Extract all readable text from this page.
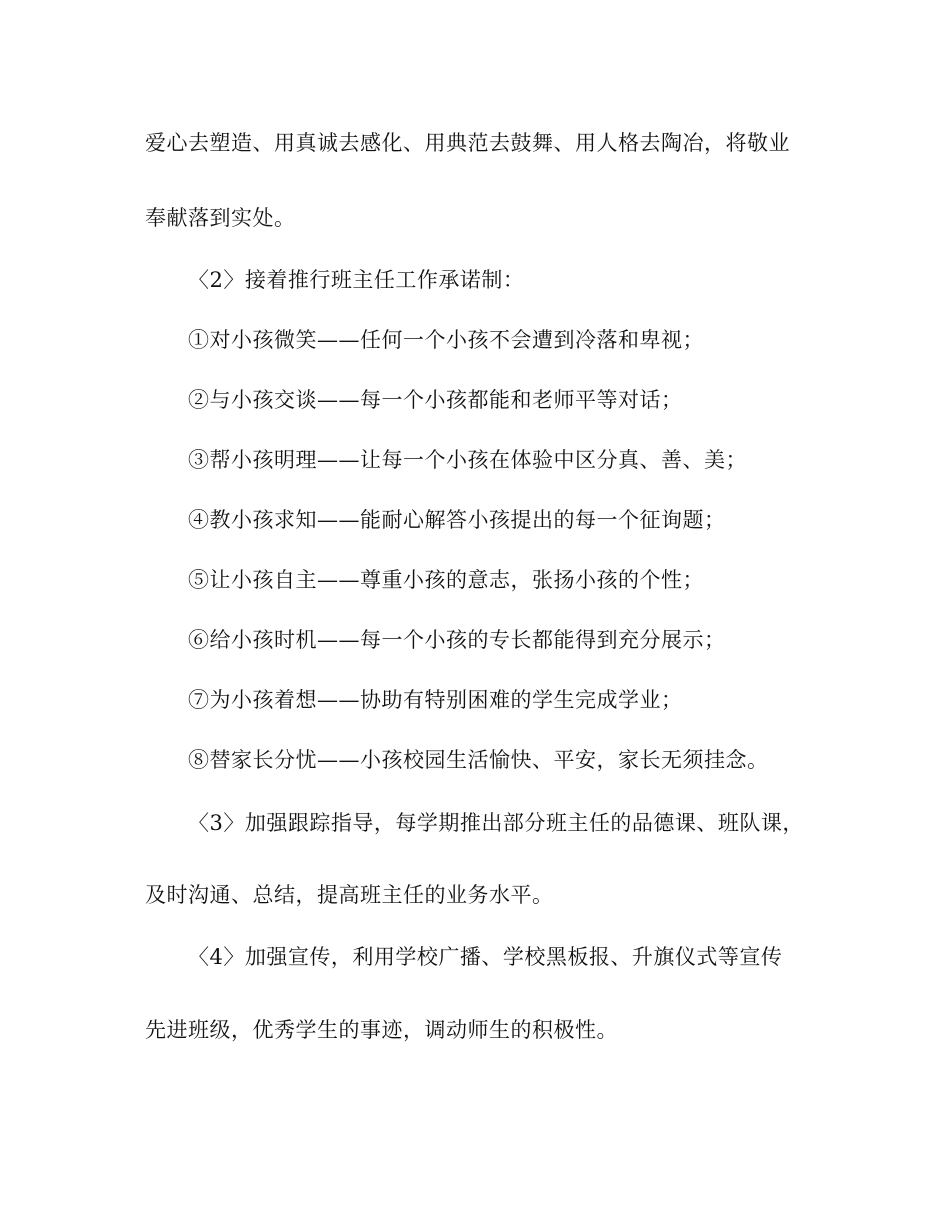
爱心去塑造、用真诚去感化、用典范去鼓舞、用人格去陶冶，将敬业
奉献落到实处。
〈2〉接着推行班主任工作承诺制：
①对小孩微笑——任何一个小孩不会遭到冷落和卑视；
②与小孩交谈——每一个小孩都能和老师平等对话；
③帮小孩明理——让每一个小孩在体验中区分真、善、美；
④教小孩求知——能耐心解答小孩提出的每一个征询题；
⑤让小孩自主——尊重小孩的意志，张扬小孩的个性；
⑥给小孩时机——每一个小孩的专长都能得到充分展示；
⑦为小孩着想——协助有特别困难的学生完成学业；
⑧替家长分忧——小孩校园生活愉快、平安，家长无须挂念。
〈3〉加强跟踪指导，每学期推出部分班主任的品德课、班队课，
及时沟通、总结，提高班主任的业务水平。
〈4〉加强宣传，利用学校广播、学校黑板报、升旗仪式等宣传
先进班级，优秀学生的事迹，调动师生的积极性。
